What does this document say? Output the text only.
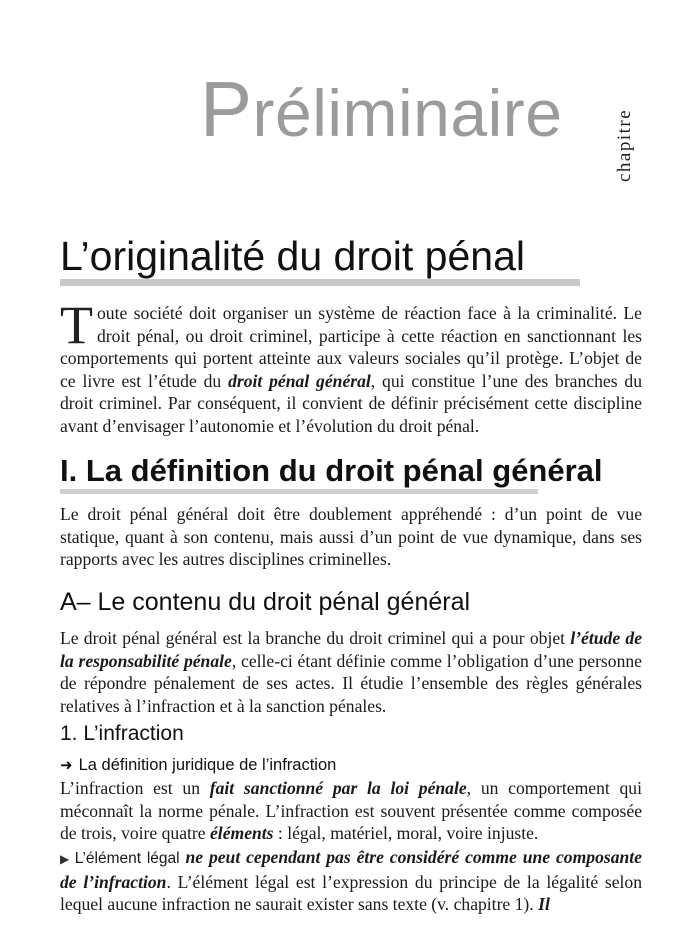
Préliminaire	chapitre
L’originalité du droit pénal

Toute société doit organiser un système de réaction face à la criminalité. Le droit pénal, ou droit criminel, participe à cette réaction en sanctionnant les comportements qui portent atteinte aux valeurs sociales qu’il protège. L’objet de ce livre est l’étude du droit pénal général, qui constitue l’une des branches du droit criminel. Par conséquent, il convient de définir précisément cette discipline avant d’envisager l’autonomie et l’évolution du droit pénal.

I. La définition du droit pénal général

Le droit pénal général doit être doublement appréhendé : d’un point de vue statique, quant à son contenu, mais aussi d’un point de vue dynamique, dans ses rapports avec les autres disciplines criminelles.

A– Le contenu du droit pénal général

Le droit pénal général est la branche du droit criminel qui a pour objet l’étude de la responsabilité pénale, celle-ci étant définie comme l’obligation d’une personne de répondre pénalement de ses actes. Il étudie l’ensemble des règles générales relatives à l’infraction et à la sanction pénales.

1. L’infraction
➜ La définition juridique de l’infraction

L’infraction est un fait sanctionné par la loi pénale, un comportement qui méconnaît la norme pénale. L’infraction est souvent présentée comme composée de trois, voire quatre éléments : légal, matériel, moral, voire injuste.

▶ L’élément légal ne peut cependant pas être considéré comme une composante de l’infraction. L’élément légal est l’expression du principe de la légalité selon lequel aucune infraction ne saurait exister sans texte (v. chapitre 1). Il
